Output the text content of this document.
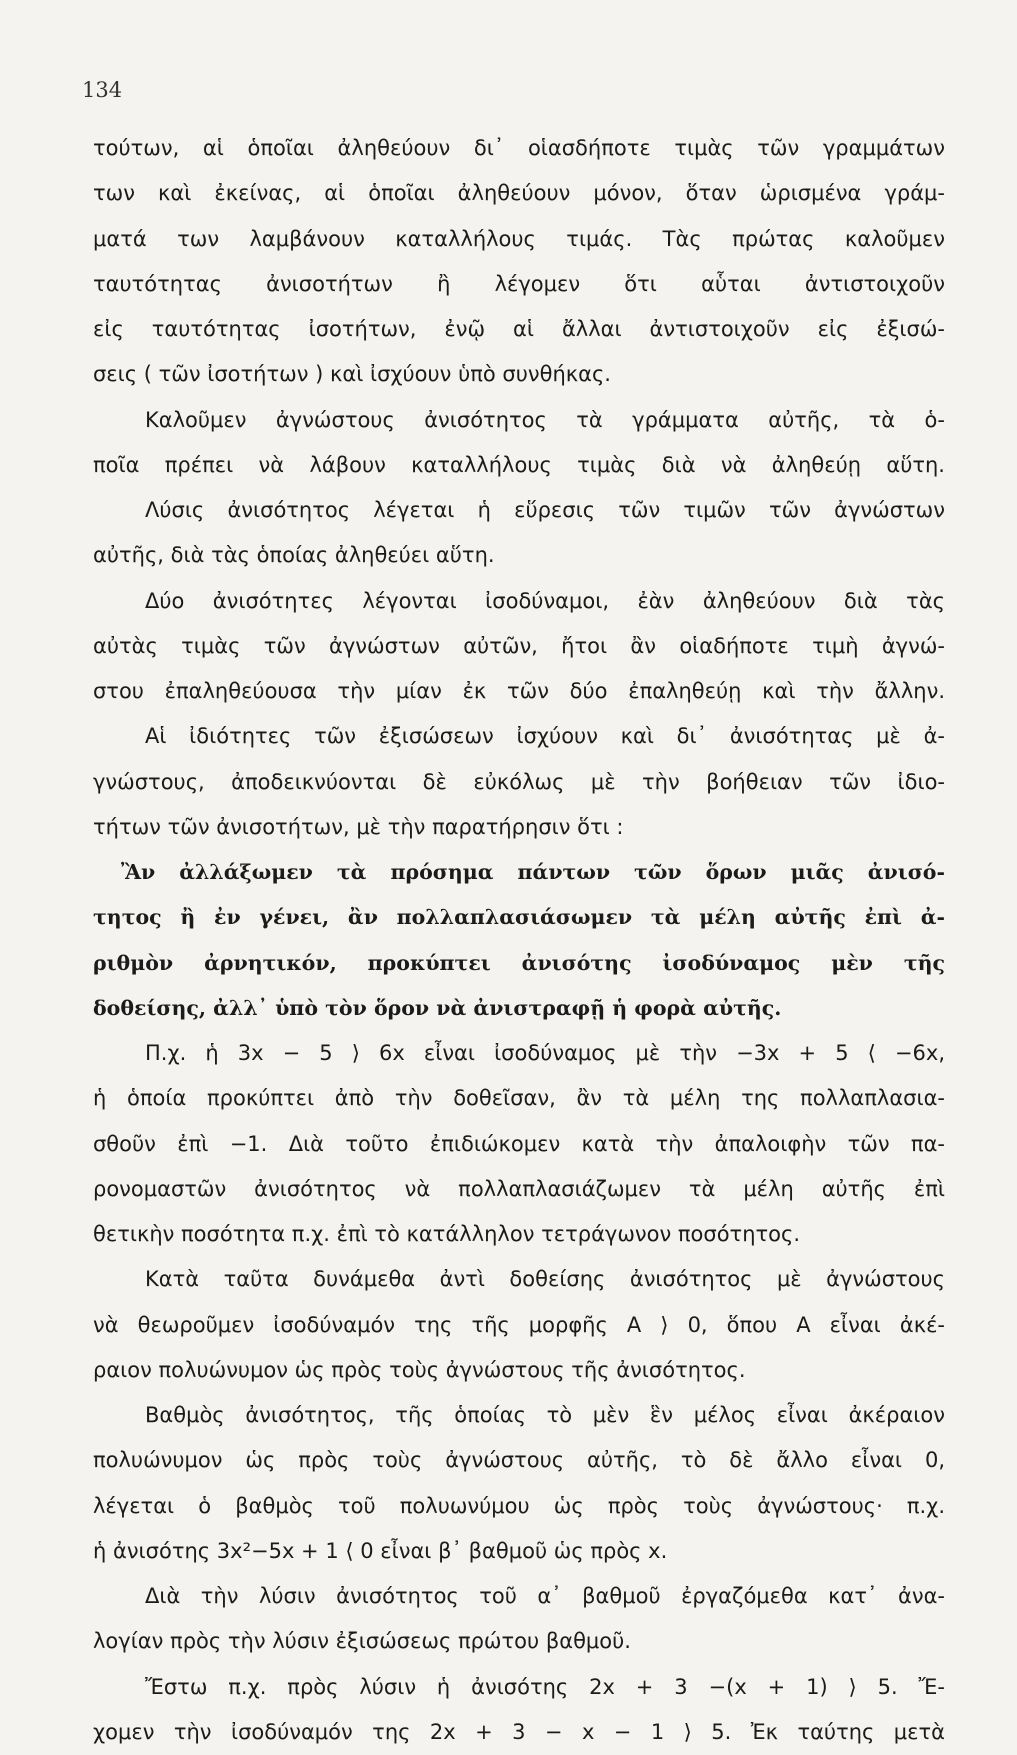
134
τούτων, αἱ ὁποῖαι ἀληθεύουν δι᾿ οἱασδήποτε τιμὰς τῶν γραμμάτων
των καὶ ἐκείνας, αἱ ὁποῖαι ἀληθεύουν μόνον, ὅταν ὡρισμένα γράμ-
ματά των λαμβάνουν καταλλήλους τιμάς. Τὰς πρώτας καλοῦμεν
ταυτότητας ἀνισοτήτων ἢ λέγομεν ὅτι αὗται ἀντιστοιχοῦν
εἰς ταυτότητας ἰσοτήτων, ἐνῷ αἱ ἄλλαι ἀντιστοιχοῦν εἰς ἐξισώ-
σεις ( τῶν ἰσοτήτων ) καὶ ἰσχύουν ὑπὸ συνθήκας.
Καλοῦμεν ἀγνώστους ἀνισότητος τὰ γράμματα αὐτῆς, τὰ ὁ-
ποῖα πρέπει νὰ λάβουν καταλλήλους τιμὰς διὰ νὰ ἀληθεύῃ αὕτη.
Λύσις ἀνισότητος λέγεται ἡ εὕρεσις τῶν τιμῶν τῶν ἀγνώστων
αὐτῆς, διὰ τὰς ὁποίας ἀληθεύει αὕτη.
Δύο ἀνισότητες λέγονται ἰσοδύναμοι, ἐὰν ἀληθεύουν διὰ τὰς
αὐτὰς τιμὰς τῶν ἀγνώστων αὐτῶν, ἤτοι ἂν οἱαδήποτε τιμὴ ἀγνώ-
στου ἐπαληθεύουσα τὴν μίαν ἐκ τῶν δύο ἐπαληθεύῃ καὶ τὴν ἄλλην.
Αἱ ἰδιότητες τῶν ἐξισώσεων ἰσχύουν καὶ δι᾿ ἀνισότητας μὲ ἀ-
γνώστους, ἀποδεικνύονται δὲ εὐκόλως μὲ τὴν βοήθειαν τῶν ἰδιο-
τήτων τῶν ἀνισοτήτων, μὲ τὴν παρατήρησιν ὅτι :
Ἂν ἀλλάξωμεν τὰ πρόσημα πάντων τῶν ὅρων μιᾶς ἀνισό-
τητος ἢ ἐν γένει, ἂν πολλαπλασιάσωμεν τὰ μέλη αὐτῆς ἐπὶ ἀ-
ριθμὸν ἀρνητικόν, προκύπτει ἀνισότης ἰσοδύναμος μὲν τῆς
δοθείσης, ἀλλ᾿ ὑπὸ τὸν ὅρον νὰ ἀνιστραφῇ ἡ φορὰ αὐτῆς.
Π.χ. ἡ 3x − 5 ⟩ 6x εἶναι ἰσοδύναμος μὲ τὴν −3x + 5 ⟨ −6x,
ἡ ὁποία προκύπτει ἀπὸ τὴν δοθεῖσαν, ἂν τὰ μέλη της πολλαπλασια-
σθοῦν ἐπὶ −1. Διὰ τοῦτο ἐπιδιώκομεν κατὰ τὴν ἀπαλοιφὴν τῶν πα-
ρονομαστῶν ἀνισότητος νὰ πολλαπλασιάζωμεν τὰ μέλη αὐτῆς ἐπὶ
θετικὴν ποσότητα π.χ. ἐπὶ τὸ κατάλληλον τετράγωνον ποσότητος.
Κατὰ ταῦτα δυνάμεθα ἀντὶ δοθείσης ἀνισότητος μὲ ἀγνώστους
νὰ θεωροῦμεν ἰσοδύναμόν της τῆς μορφῆς A ⟩ 0, ὅπου A εἶναι ἀκέ-
ραιον πολυώνυμον ὡς πρὸς τοὺς ἀγνώστους τῆς ἀνισότητος.
Βαθμὸς ἀνισότητος, τῆς ὁποίας τὸ μὲν ἓν μέλος εἶναι ἀκέραιον
πολυώνυμον ὡς πρὸς τοὺς ἀγνώστους αὐτῆς, τὸ δὲ ἄλλο εἶναι 0,
λέγεται ὁ βαθμὸς τοῦ πολυωνύμου ὡς πρὸς τοὺς ἀγνώστους· π.χ.
ἡ ἀνισότης 3x²−5x + 1 ⟨ 0 εἶναι β᾿ βαθμοῦ ὡς πρὸς x.
Διὰ τὴν λύσιν ἀνισότητος τοῦ α᾿ βαθμοῦ ἐργαζόμεθα κατ᾿ ἀνα-
λογίαν πρὸς τὴν λύσιν ἐξισώσεως πρώτου βαθμοῦ.
Ἔστω π.χ. πρὸς λύσιν ἡ ἀνισότης 2x + 3 −(x + 1) ⟩ 5. Ἔ-
χομεν τὴν ἰσοδύναμόν της 2x + 3 − x − 1 ⟩ 5. Ἐκ ταύτης μετὰ
